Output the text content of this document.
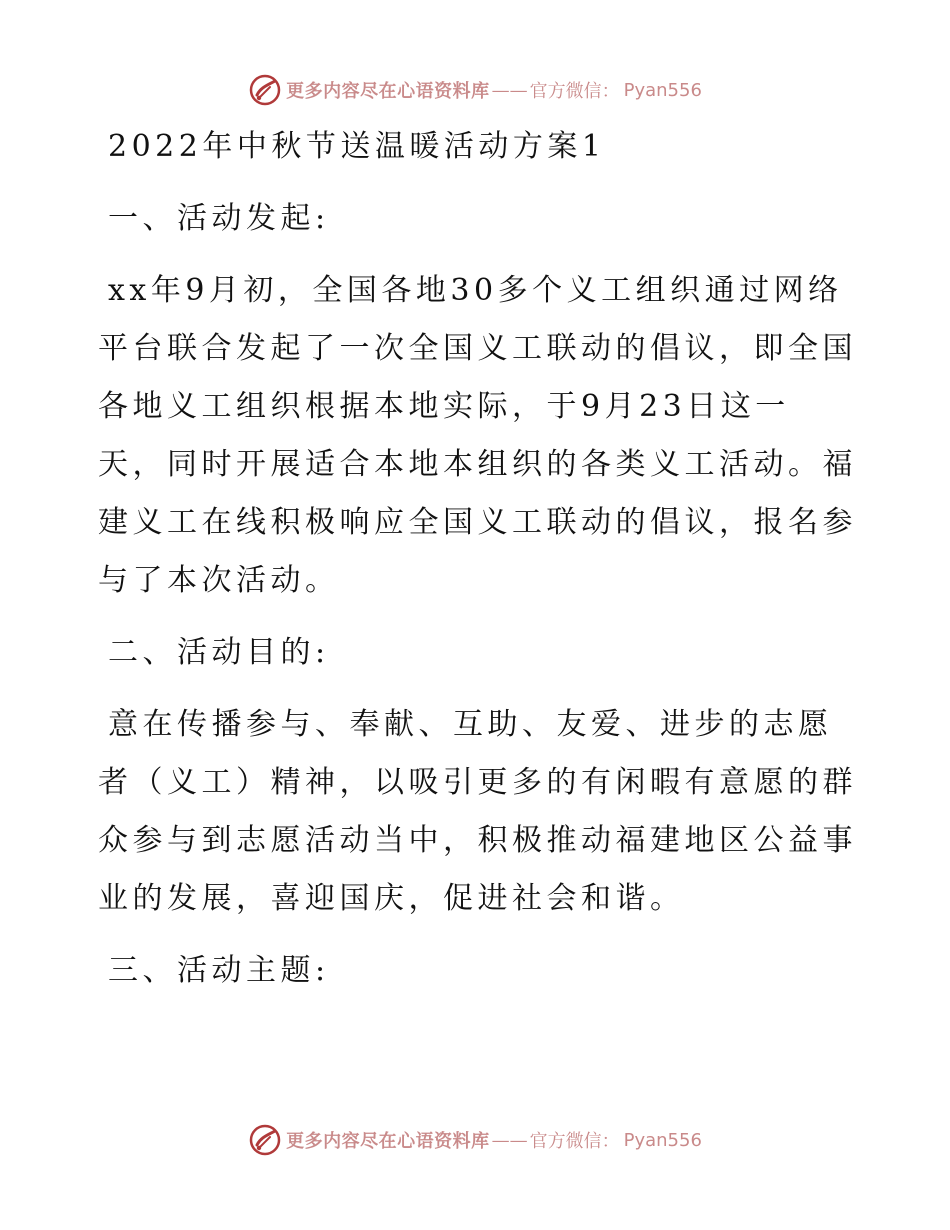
更多内容尽在心语资料库 —— 官方微信： Pyan556
2022年中秋节送温暖活动方案1
一、活动发起:
xx年9月初，全国各地30多个义工组织通过网络
平台联合发起了一次全国义工联动的倡议，即全国
各地义工组织根据本地实际，于9月23日这一
天，同时开展适合本地本组织的各类义工活动。福
建义工在线积极响应全国义工联动的倡议，报名参
与了本次活动。
二、活动目的:
意在传播参与、奉献、互助、友爱、进步的志愿
者（义工）精神，以吸引更多的有闲暇有意愿的群
众参与到志愿活动当中，积极推动福建地区公益事
业的发展，喜迎国庆，促进社会和谐。
三、活动主题:
更多内容尽在心语资料库 —— 官方微信： Pyan556
